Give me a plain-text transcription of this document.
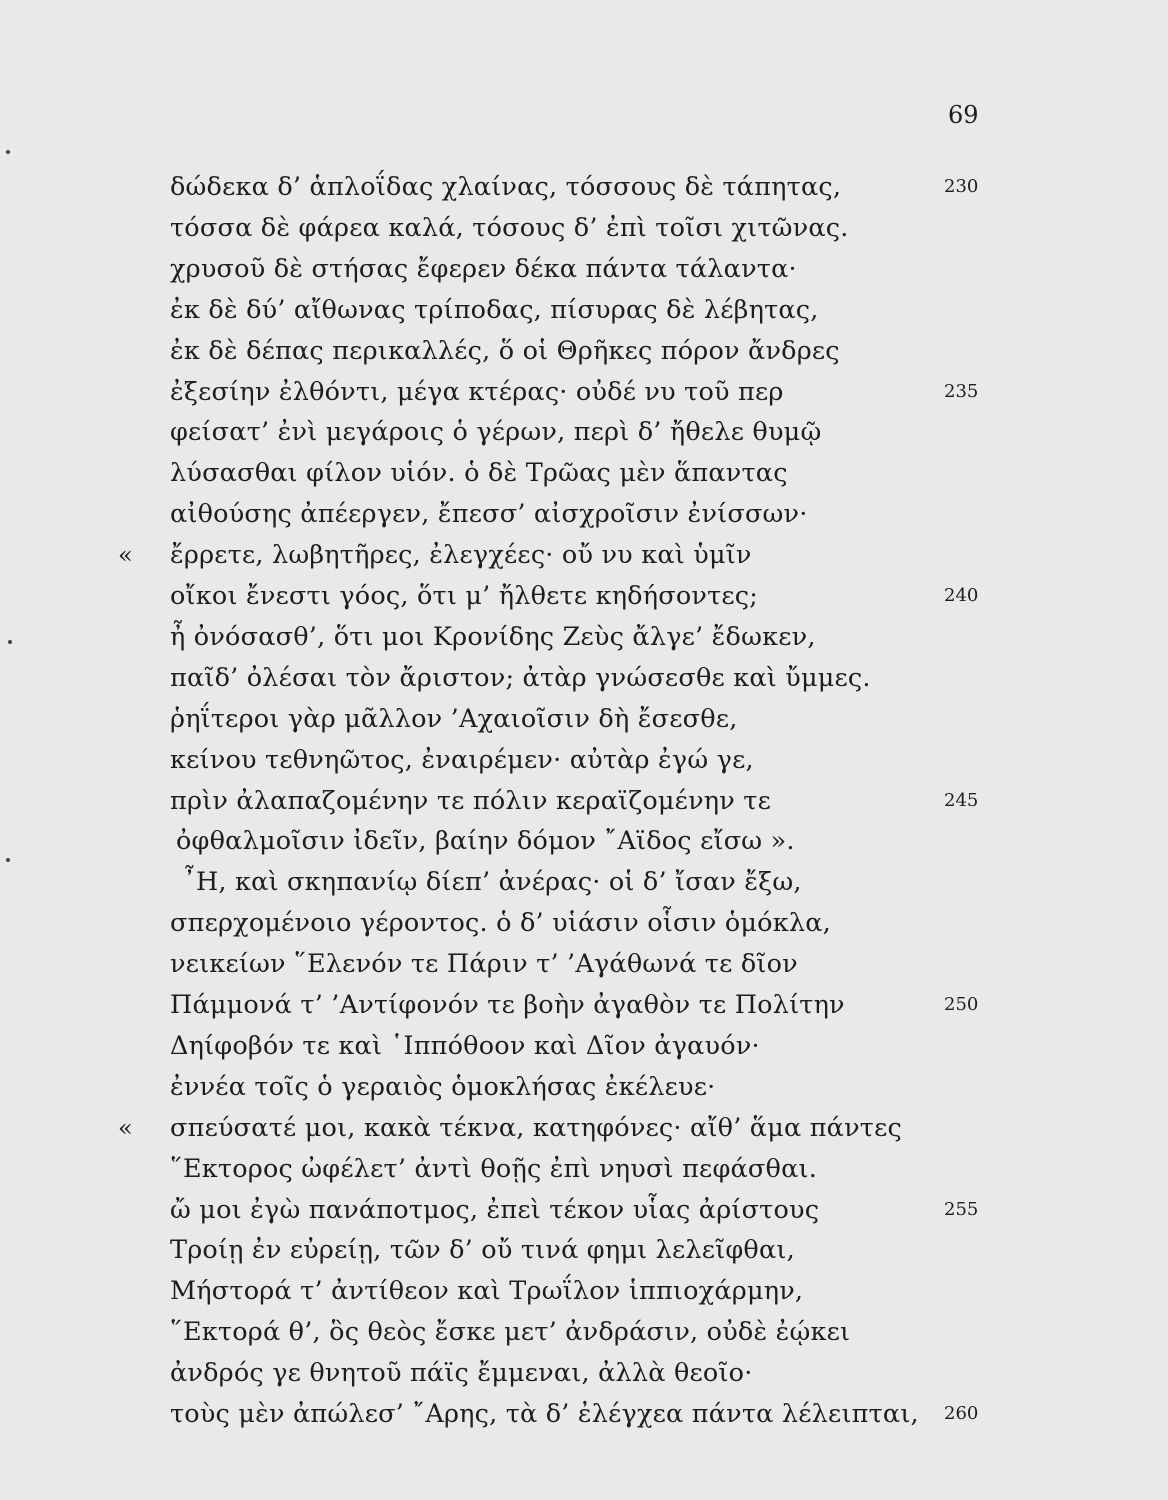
69
δώδεκα δ’ ἁπλοΐδας χλαίνας, τόσσους δὲ τάπητας,	230
τόσσα δὲ φάρεα καλά, τόσους δ’ ἐπὶ τοῖσι χιτῶνας.
χρυσοῦ δὲ στήσας ἔφερεν δέκα πάντα τάλαντα·
ἐκ δὲ δύ’ αἴθωνας τρίποδας, πίσυρας δὲ λέβητας,
ἐκ δὲ δέπας περικαλλές, ὅ οἱ Θρῆκες πόρον ἄνδρες
ἐξεσίην ἐλθόντι, μέγα κτέρας· οὐδέ νυ τοῦ περ	235
φείσατ’ ἐνὶ μεγάροις ὁ γέρων, περὶ δ’ ἤθελε θυμῷ
λύσασθαι φίλον υἱόν. ὁ δὲ Τρῶας μὲν ἅπαντας
αἰθούσης ἀπέεργεν, ἔπεσσ’ αἰσχροῖσιν ἐνίσσων·
« ἔρρετε, λωβητῆρες, ἐλεγχέες· οὔ νυ καὶ ὑμῖν
οἴκοι ἔνεστι γόος, ὅτι μ’ ἤλθετε κηδήσοντες;	240
ἦ ὀνόσασθ’, ὅτι μοι Κρονίδης Ζεὺς ἄλγε’ ἔδωκεν,
παῖδ’ ὀλέσαι τὸν ἄριστον; ἀτὰρ γνώσεσθε καὶ ὔμμες.
ῥηΐτεροι γὰρ μᾶλλον ’Αχαιοῖσιν δὴ ἔσεσθε,
κείνου τεθνηῶτος, ἐναιρέμεν· αὐτὰρ ἐγώ γε,
πρὶν ἀλαπαζομένην τε πόλιν κεραϊζομένην τε	245
ὀφθαλμοῖσιν ἰδεῖν, βαίην δόμον ῎Αϊδος εἴσω ».
῏Η, καὶ σκηπανίῳ δίεπ’ ἀνέρας· οἱ δ’ ἴσαν ἔξω,
σπερχομένοιο γέροντος. ὁ δ’ υἱάσιν οἷσιν ὁμόκλα,
νεικείων ῞Ελενόν τε Πάριν τ’ ’Αγάθωνά τε δῖον
Πάμμονά τ’ ’Αντίφονόν τε βοὴν ἀγαθὸν τε Πολίτην	250
Δηίφοβόν τε καὶ ῾Ιππόθοον καὶ Δῖον ἀγαυόν·
ἐννέα τοῖς ὁ γεραιὸς ὁμοκλήσας ἐκέλευε·
« σπεύσατέ μοι, κακὰ τέκνα, κατηφόνες· αἴθ’ ἅμα πάντες
῞Εκτορος ὠφέλετ’ ἀντὶ θοῇς ἐπὶ νηυσὶ πεφάσθαι.
ὤ μοι ἐγὼ πανάποτμος, ἐπεὶ τέκον υἷας ἀρίστους	255
Τροίῃ ἐν εὐρείῃ, τῶν δ’ οὔ τινά φημι λελεῖφθαι,
Μήστορά τ’ ἀντίθεον καὶ Τρωΐλον ἱππιοχάρμην,
῞Εκτορά θ’, ὃς θεὸς ἔσκε μετ’ ἀνδράσιν, οὐδὲ ἐῴκει
ἀνδρός γε θνητοῦ πάϊς ἔμμεναι, ἀλλὰ θεοῖο·
τοὺς μὲν ἀπώλεσ’ ῎Αρης, τὰ δ’ ἐλέγχεα πάντα λέλειπται, 260
